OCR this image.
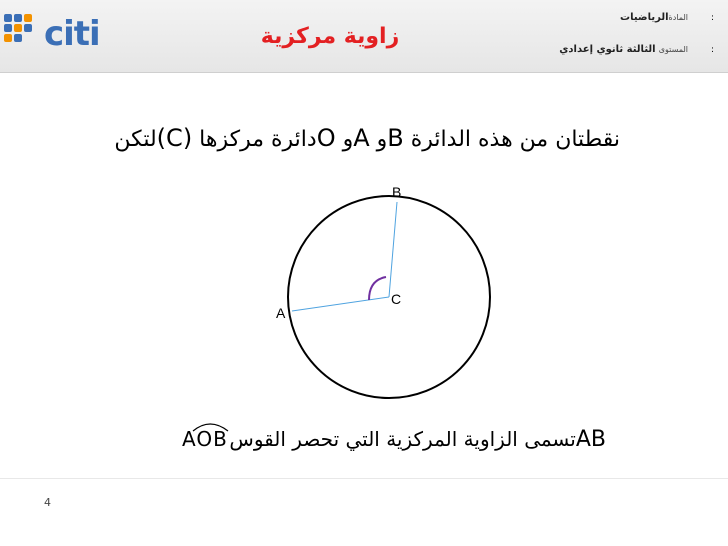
citi	زاوية مركزية
المادةالرياضيات	:
المستوى الثالثة ثانوي إعدادي	:
نقطتان من هذه الدائرة Bو Aو Oدائرة مركزها (C)لتكن
B
A
C
ABتسمى الزاوية المركزية التي تحصر القوس
AOB
4
